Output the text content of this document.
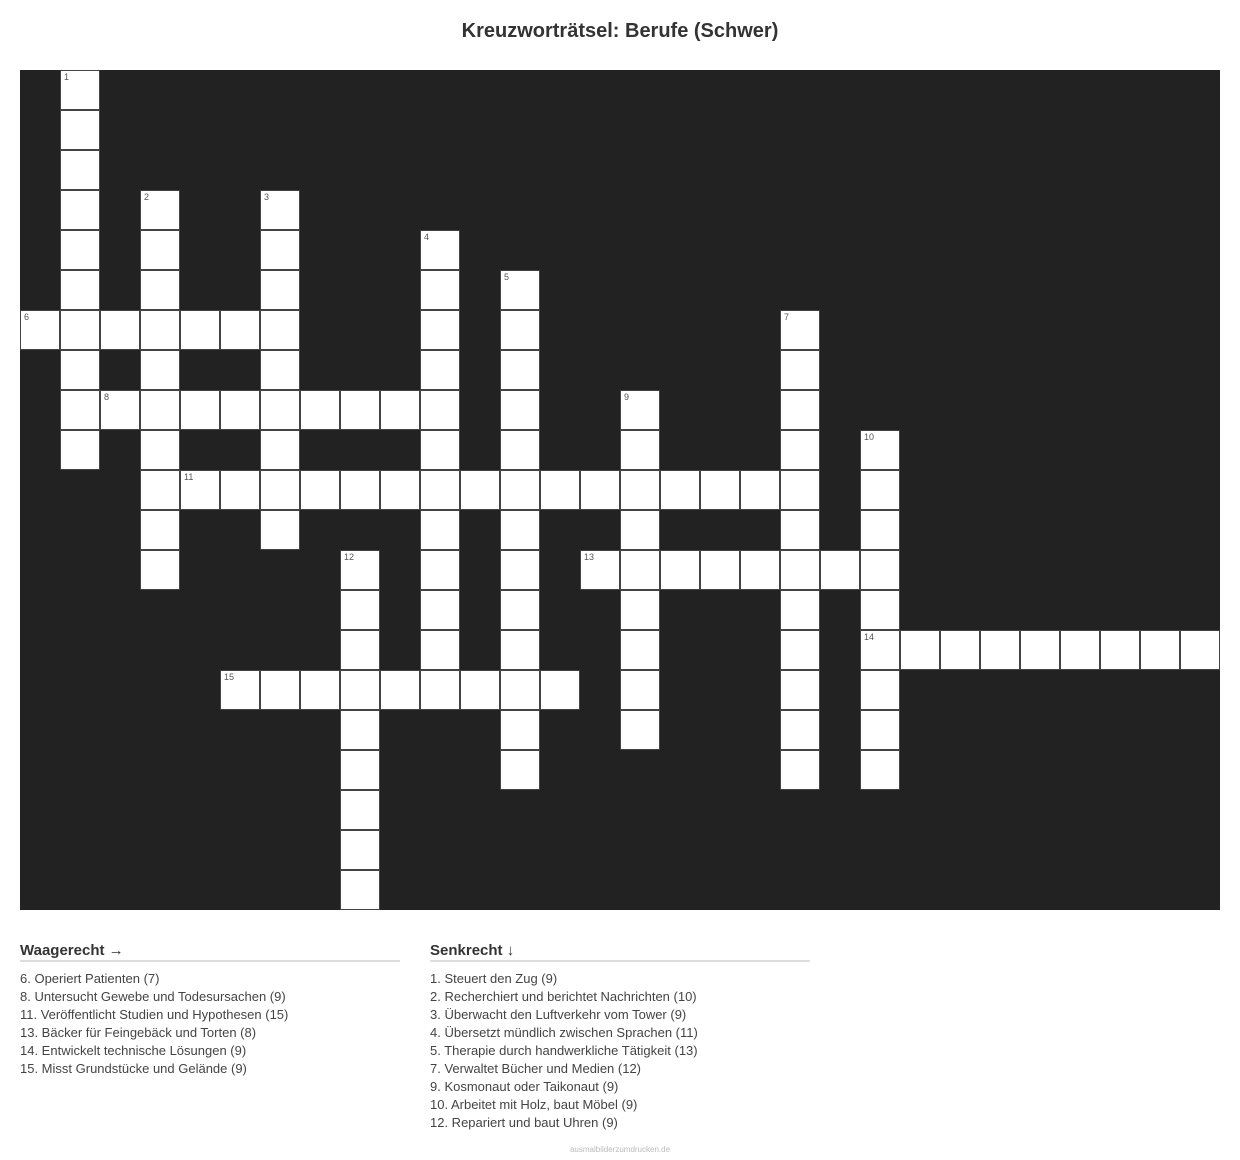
Kreuzworträtsel: Berufe (Schwer)
1
2	3
4
5
6	7
8	9
10
14
11
12	13
15
Waagerecht →
6. Operiert Patienten (7)
8. Untersucht Gewebe und Todesursachen (9)
11. Veröffentlicht Studien und Hypothesen (15)
13. Bäcker für Feingebäck und Torten (8)
14. Entwickelt technische Lösungen (9)
15. Misst Grundstücke und Gelände (9)
Senkrecht ↓
1. Steuert den Zug (9)
2. Recherchiert und berichtet Nachrichten (10)
3. Überwacht den Luftverkehr vom Tower (9)
4. Übersetzt mündlich zwischen Sprachen (11)
5. Therapie durch handwerkliche Tätigkeit (13)
7. Verwaltet Bücher und Medien (12)
9. Kosmonaut oder Taikonaut (9)
10. Arbeitet mit Holz, baut Möbel (9)
12. Repariert und baut Uhren (9)
ausmalbilderzumdrucken.de
